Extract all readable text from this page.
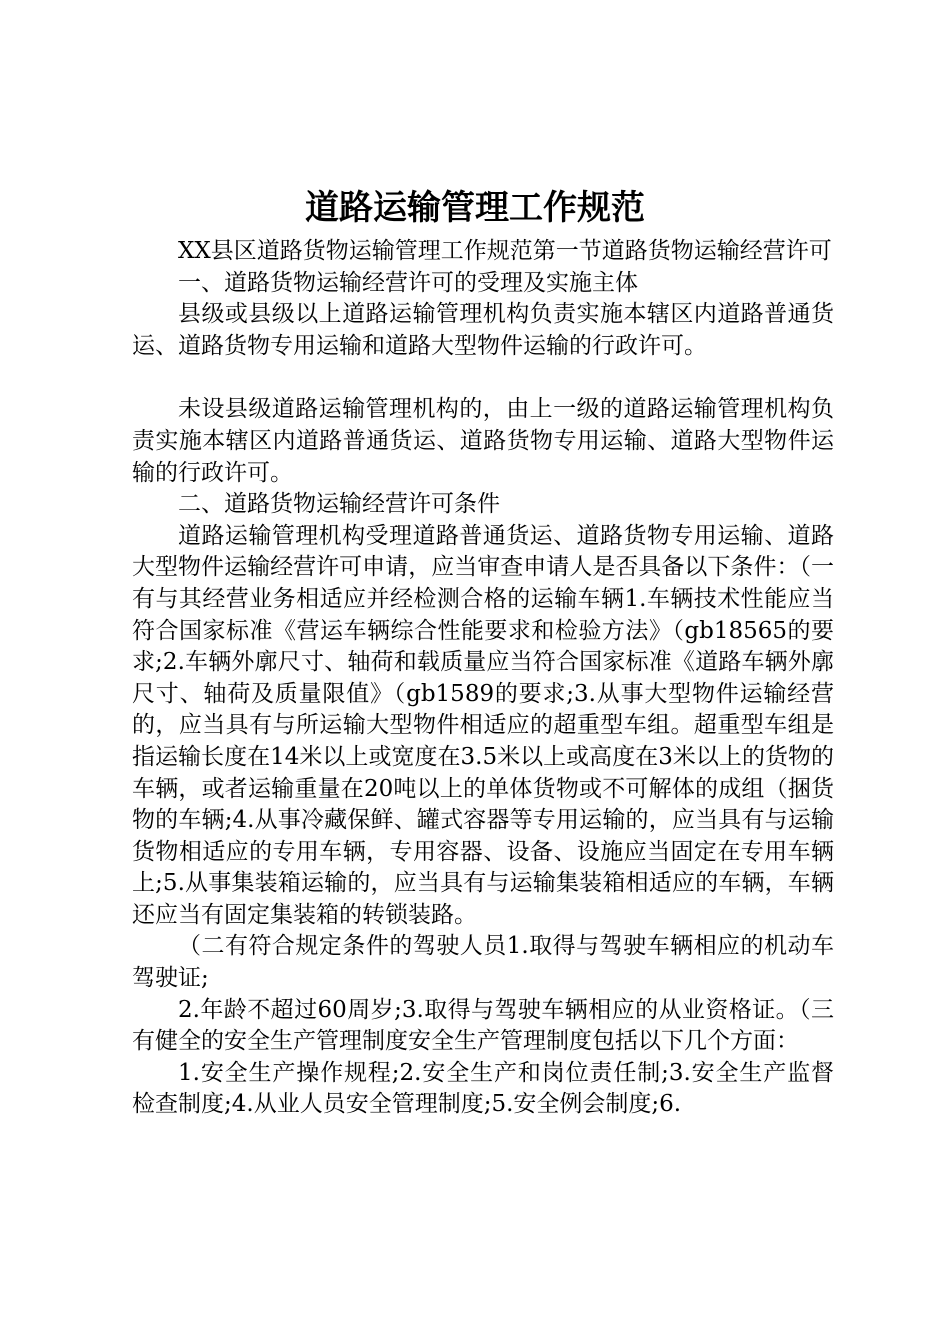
道路运输管理工作规范

XX县区道路货物运输管理工作规范第一节道路货物运输经营许可

一、道路货物运输经营许可的受理及实施主体

县级或县级以上道路运输管理机构负责实施本辖区内道路普通货运、道路货物专用运输和道路大型物件运输的行政许可。

未设县级道路运输管理机构的，由上一级的道路运输管理机构负责实施本辖区内道路普通货运、道路货物专用运输、道路大型物件运输的行政许可。

二、道路货物运输经营许可条件

道路运输管理机构受理道路普通货运、道路货物专用运输、道路大型物件运输经营许可申请，应当审查申请人是否具备以下条件：（一有与其经营业务相适应并经检测合格的运输车辆1.车辆技术性能应当符合国家标准《营运车辆综合性能要求和检验方法》（gb18565的要求;2.车辆外廓尺寸、轴荷和载质量应当符合国家标准《道路车辆外廓尺寸、轴荷及质量限值》（gb1589的要求;3.从事大型物件运输经营的，应当具有与所运输大型物件相适应的超重型车组。超重型车组是指运输长度在14米以上或宽度在3.5米以上或高度在3米以上的货物的车辆，或者运输重量在20吨以上的单体货物或不可解体的成组（捆货物的车辆;4.从事冷藏保鲜、罐式容器等专用运输的，应当具有与运输货物相适应的专用车辆，专用容器、设备、设施应当固定在专用车辆上;5.从事集装箱运输的，应当具有与运输集装箱相适应的车辆，车辆还应当有固定集装箱的转锁装路。

（二有符合规定条件的驾驶人员1.取得与驾驶车辆相应的机动车驾驶证;

2.年龄不超过60周岁;3.取得与驾驶车辆相应的从业资格证。（三有健全的安全生产管理制度安全生产管理制度包括以下几个方面：

1.安全生产操作规程;2.安全生产和岗位责任制;3.安全生产监督检查制度;4.从业人员安全管理制度;5.安全例会制度;6.
